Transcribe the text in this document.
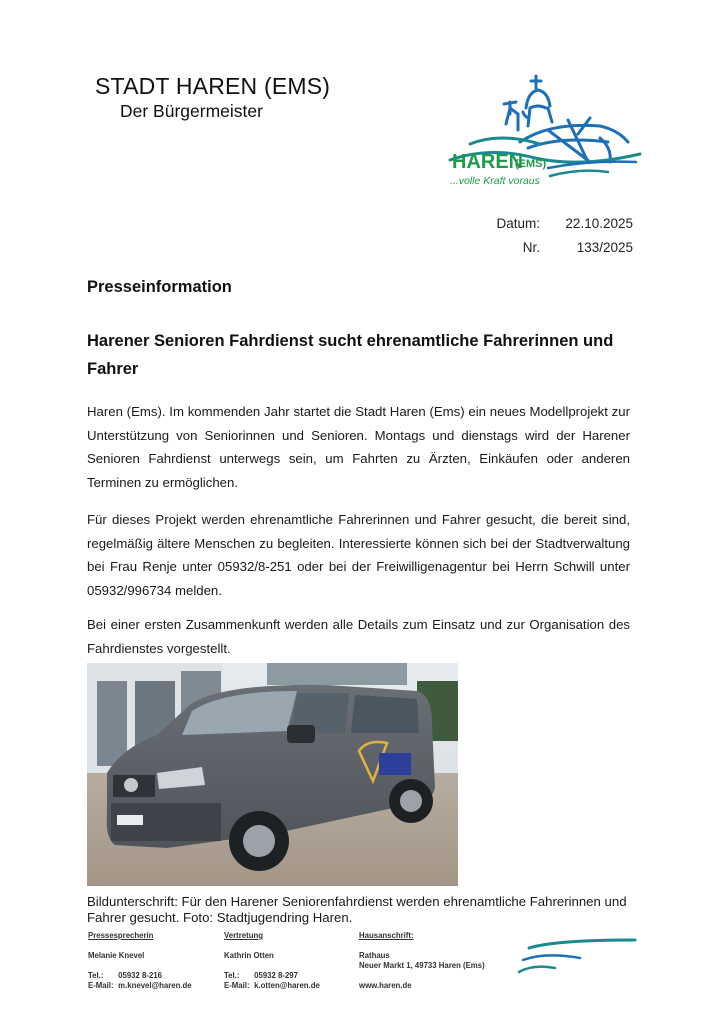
STADT HAREN (EMS)
Der Bürgermeister
HAREN
(EMS)
...volle Kraft voraus
Datum:	22.10.2025
Nr.	133/2025
Presseinformation
Harener Senioren Fahrdienst sucht ehrenamtliche Fahrerinnen und Fahrer
Haren (Ems). Im kommenden Jahr startet die Stadt Haren (Ems) ein neues Modellprojekt zur Unterstützung von Seniorinnen und Senioren. Montags und dienstags wird der Harener Senioren Fahrdienst unterwegs sein, um Fahrten zu Ärzten, Einkäufen oder anderen Terminen zu ermöglichen.
Für dieses Projekt werden ehrenamtliche Fahrerinnen und Fahrer gesucht, die bereit sind, regelmäßig ältere Menschen zu begleiten. Interessierte können sich bei der Stadtverwaltung bei Frau Renje unter 05932/8-251 oder bei der Freiwilligenagentur bei Herrn Schwill unter 05932/996734 melden.
Bei einer ersten Zusammenkunft werden alle Details zum Einsatz und zur Organisation des Fahrdienstes vorgestellt.
Bildunterschrift: Für den Harener Seniorenfahrdienst werden ehrenamtliche Fahrerinnen und Fahrer gesucht. Foto: Stadtjugendring Haren.
Pressesprecherin
Melanie Knevel
Tel.: 05932 8-216
E-Mail: m.knevel@haren.de
Vertretung
Kathrin Otten
Tel.: 05932 8-297
E-Mail: k.otten@haren.de
Hausanschrift:
Rathaus
Neuer Markt 1, 49733 Haren (Ems)
www.haren.de
